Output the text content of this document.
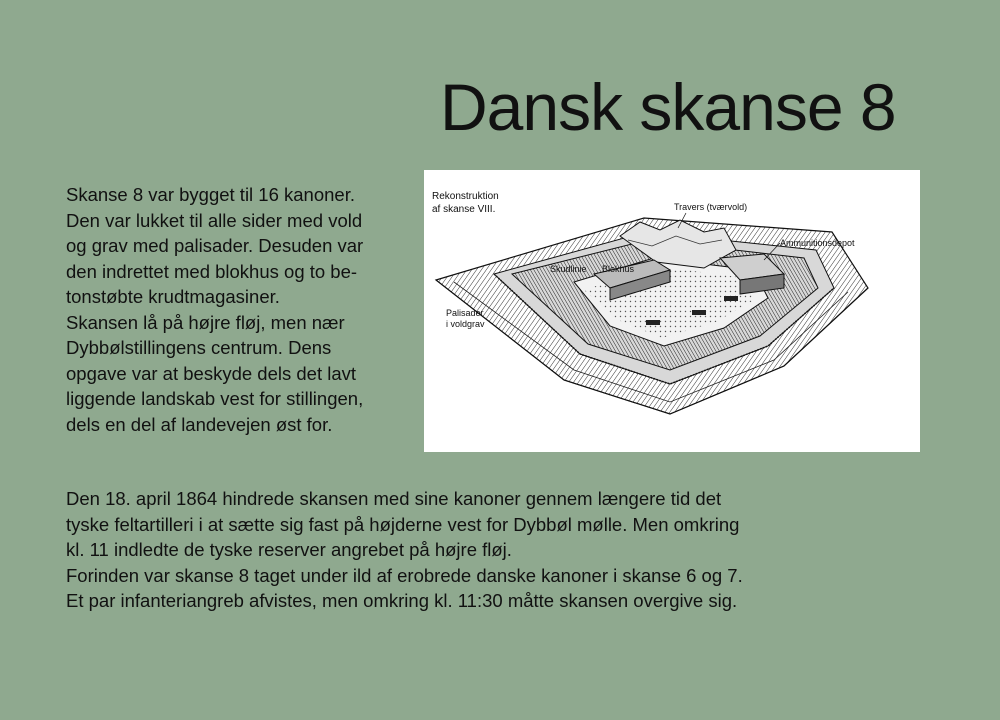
Dansk skanse 8

Skanse 8 var bygget til 16 kanoner.

Den var lukket til alle sider med vold

og grav med palisader. Desuden var

den indrettet med blokhus og to be-

tonstøbte krudtmagasiner.

Skansen lå på højre fløj, men nær

Dybbølstillingens centrum. Dens

opgave var at beskyde dels det lavt

liggende landskab vest for stillingen,

dels en del af landevejen øst for.

Rekonstruktion
af skanse VIII.	Travers (tværvold)
Ammunitionsdepot
Blokhus
Skudlinie
Palisader
i voldgrav

Den 18. april 1864 hindrede skansen med sine kanoner gennem længere tid det

tyske feltartilleri i at sætte sig fast på højderne vest for Dybbøl mølle. Men omkring

kl. 11 indledte de tyske reserver angrebet på højre fløj.

Forinden var skanse 8 taget under ild af erobrede danske kanoner i skanse 6 og 7.

Et par infanteriangreb afvistes, men omkring kl. 11:30 måtte skansen overgive sig.
